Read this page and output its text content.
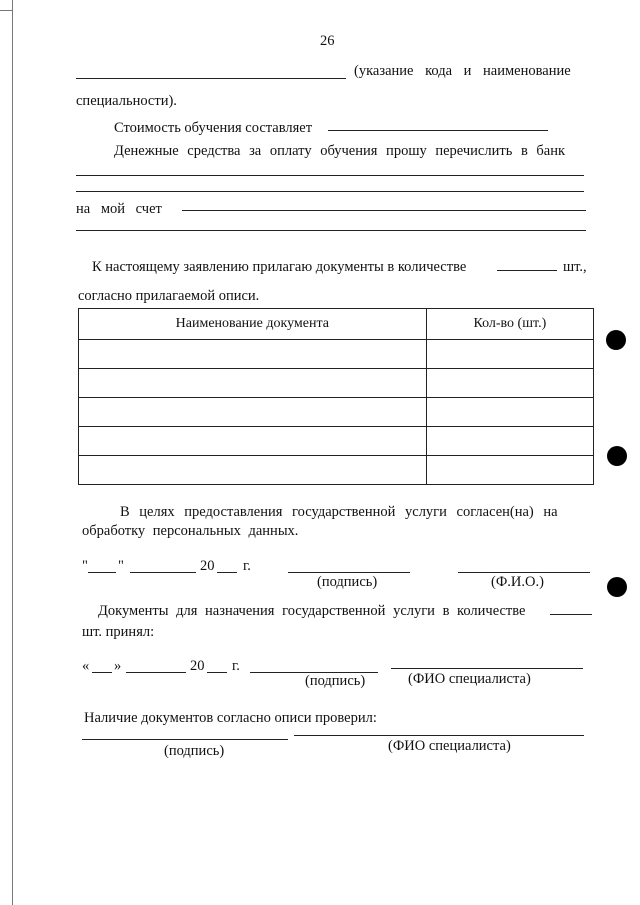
26
(указание кода и наименование
специальности).
Стоимость обучения составляет
Денежные средства за оплату обучения прошу перечислить в банк
на мой счет
К настоящему заявлению прилагаю документы в количестве	шт.,
согласно прилагаемой описи.
Наименование документа	Кол-во (шт.)

В целях предоставления государственной услуги согласен(на) на
обработку персональных данных.
" "	20 г.
(подпись)	(Ф.И.О.)
Документы для назначения государственной услуги в количестве
шт. принял:
« »	20 г.
(подпись)	(ФИО специалиста)
Наличие документов согласно описи проверил:
(подпись)	(ФИО специалиста)
